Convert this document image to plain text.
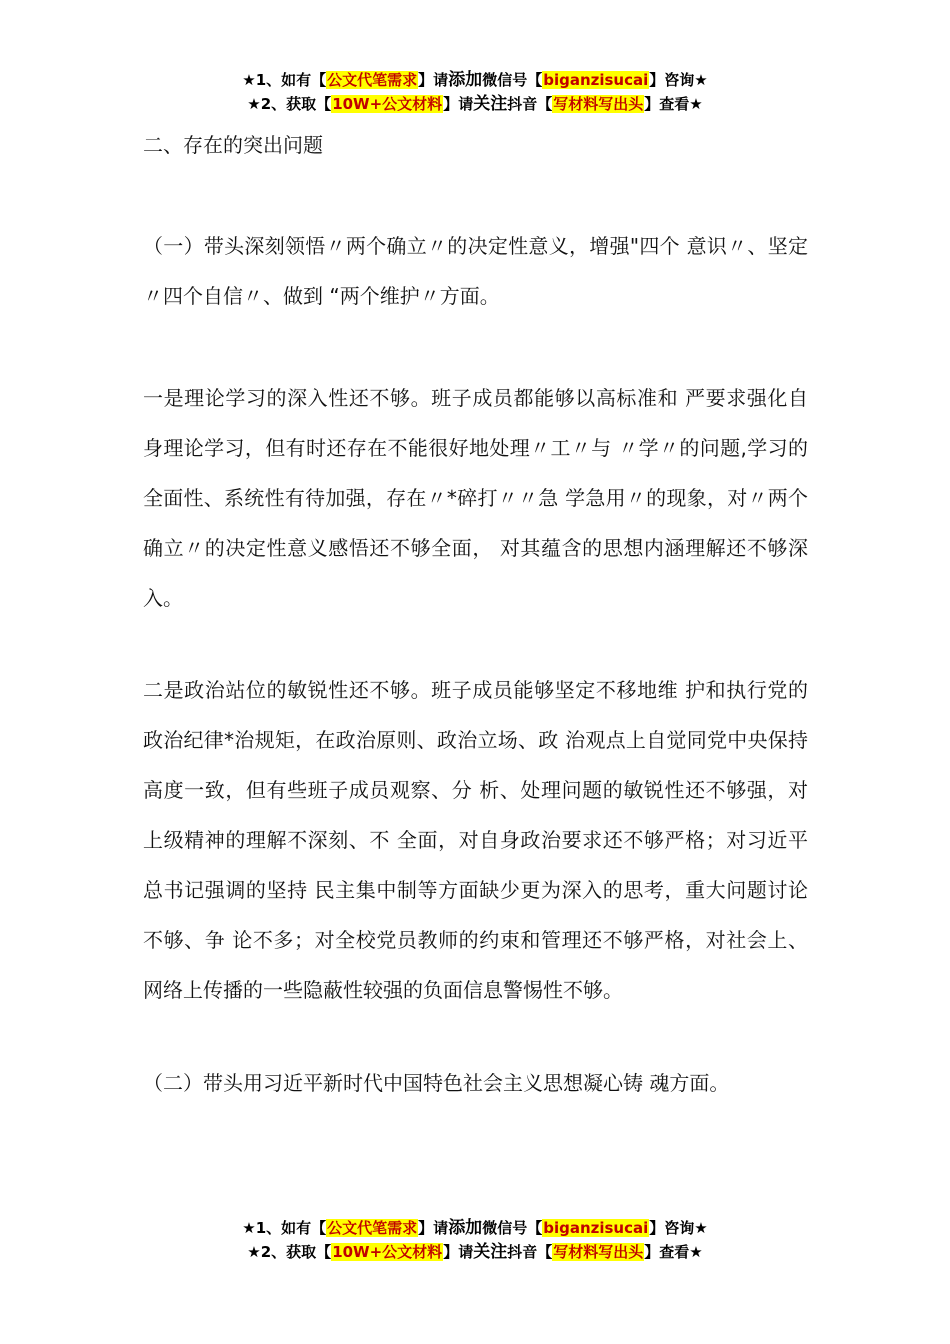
★1、如有【公文代笔需求】请添加微信号【biganzisucai】咨询★
★2、获取【10W+公文材料】请关注抖音【写材料写出头】查看★

二、存在的突出问题

（一）带头深刻领悟〃两个确立〃的决定性意义，增强"四个 意识〃、坚定〃四个自信〃、做到 “两个维护〃方面。

一是理论学习的深入性还不够。班子成员都能够以高标准和 严要求强化自身理论学习，但有时还存在不能很好地处理〃工〃与 〃学〃的问题,学习的全面性、系统性有待加强，存在〃*碎打〃〃急 学急用〃的现象，对〃两个确立〃的决定性意义感悟还不够全面， 对其蕴含的思想内涵理解还不够深入。

二是政治站位的敏锐性还不够。班子成员能够坚定不移地维 护和执行党的政治纪律*治规矩，在政治原则、政治立场、政 治观点上自觉同党中央保持高度一致，但有些班子成员观察、分 析、处理问题的敏锐性还不够强，对上级精神的理解不深刻、不 全面，对自身政治要求还不够严格；对习近平总书记强调的坚持 民主集中制等方面缺少更为深入的思考，重大问题讨论不够、争 论不多；对全校党员教师的约束和管理还不够严格，对社会上、 网络上传播的一些隐蔽性较强的负面信息警惕性不够。

（二）带头用习近平新时代中国特色社会主义思想凝心铸 魂方面。

★1、如有【公文代笔需求】请添加微信号【biganzisucai】咨询★
★2、获取【10W+公文材料】请关注抖音【写材料写出头】查看★
